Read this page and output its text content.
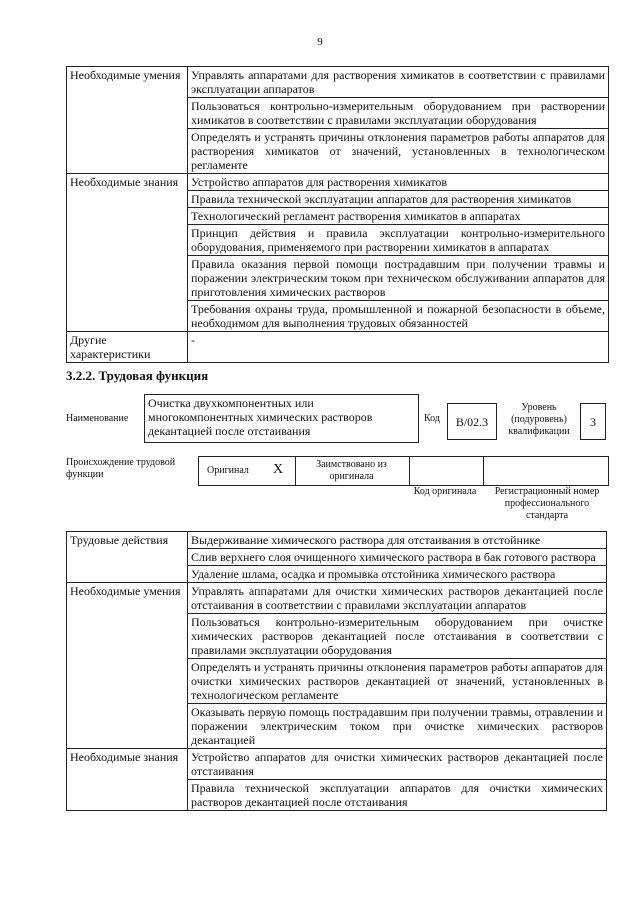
9
Необходимые умения	Управлять аппаратами для растворения химикатов в соответствии с правилами эксплуатации аппаратов
	Пользоваться контрольно-измерительным оборудованием при растворении химикатов в соответствии с правилами эксплуатации оборудования
	Определять и устранять причины отклонения параметров работы аппаратов для растворения химикатов от значений, установленных в технологическом регламенте
Необходимые знания	Устройство аппаратов для растворения химикатов
	Правила технической эксплуатации аппаратов для растворения химикатов
	Технологический регламент растворения химикатов в аппаратах
	Принцип действия и правила эксплуатации контрольно-измерительного оборудования, применяемого при растворении химикатов в аппаратах
	Правила оказания первой помощи пострадавшим при получении травмы и поражении электрическим током при техническом обслуживании аппаратов для приготовления химических растворов
	Требования охраны труда, промышленной и пожарной безопасности в объеме, необходимом для выполнения трудовых обязанностей
Другие характеристики	-
3.2.2. Трудовая функция
Наименование
Очистка двухкомпонентных или многокомпонентных химических растворов декантацией после отстаивания
Код	B/02.3
Уровень (подуровень) квалификации
3
Происхождение трудовой функции	Оригинал X	Заимствовано из оригинала
Код оригинала	Регистрационный номер профессионального стандарта
Трудовые действия	Выдерживание химического раствора для отстаивания в отстойнике
	Слив верхнего слоя очищенного химического раствора в бак готового раствора
	Удаление шлама, осадка и промывка отстойника химического раствора
Необходимые умения	Управлять аппаратами для очистки химических растворов декантацией после отстаивания в соответствии с правилами эксплуатации аппаратов
	Пользоваться контрольно-измерительным оборудованием при очистке химических растворов декантацией после отстаивания в соответствии с правилами эксплуатации оборудования
	Определять и устранять причины отклонения параметров работы аппаратов для очистки химических растворов декантацией от значений, установленных в технологическом регламенте
	Оказывать первую помощь пострадавшим при получении травмы, отравлении и поражении электрическим током при очистке химических растворов декантацией
Необходимые знания	Устройство аппаратов для очистки химических растворов декантацией после отстаивания
	Правила технической эксплуатации аппаратов для очистки химических растворов декантацией после отстаивания
